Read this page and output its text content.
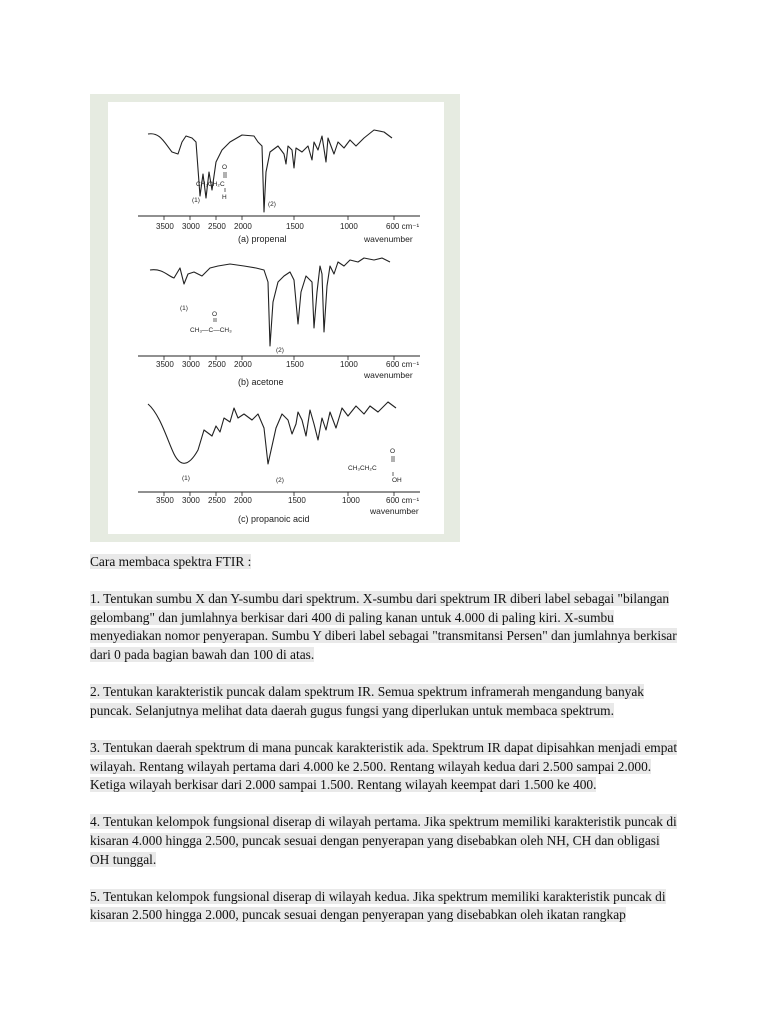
3500 3000 2500 2000	1500	1000	600 cm⁻¹
wavenumber
(a) propenal
(1)
(2)
CH₃CH₂C
O
H
3500 3000 2500 2000	1500	1000	600 cm⁻¹
wavenumber
(b) acetone
(1)
(2)
CH₃—C—CH₃
O
3500 3000 2500 2000	1500	1000	600 cm⁻¹
wavenumber
(c) propanoic acid
(1)	(2)
CH₃CH₂C
O
OH

Cara membaca spektra FTIR :

1. Tentukan sumbu X dan Y-sumbu dari spektrum. X-sumbu dari spektrum IR diberi label sebagai "bilangan gelombang" dan jumlahnya berkisar dari 400 di paling kanan untuk 4.000 di paling kiri. X-sumbu menyediakan nomor penyerapan. Sumbu Y diberi label sebagai "transmitansi Persen" dan jumlahnya berkisar dari 0 pada bagian bawah dan 100 di atas.

2. Tentukan karakteristik puncak dalam spektrum IR. Semua spektrum inframerah mengandung banyak puncak. Selanjutnya melihat data daerah gugus fungsi yang diperlukan untuk membaca spektrum.

3. Tentukan daerah spektrum di mana puncak karakteristik ada. Spektrum IR dapat dipisahkan menjadi empat wilayah. Rentang wilayah pertama dari 4.000 ke 2.500. Rentang wilayah kedua dari 2.500 sampai 2.000. Ketiga wilayah berkisar dari 2.000 sampai 1.500. Rentang wilayah keempat dari 1.500 ke 400.

4. Tentukan kelompok fungsional diserap di wilayah pertama. Jika spektrum memiliki karakteristik puncak di kisaran 4.000 hingga 2.500, puncak sesuai dengan penyerapan yang disebabkan oleh NH, CH dan obligasi OH tunggal.

5. Tentukan kelompok fungsional diserap di wilayah kedua. Jika spektrum memiliki karakteristik puncak di kisaran 2.500 hingga 2.000, puncak sesuai dengan penyerapan yang disebabkan oleh ikatan rangkap
